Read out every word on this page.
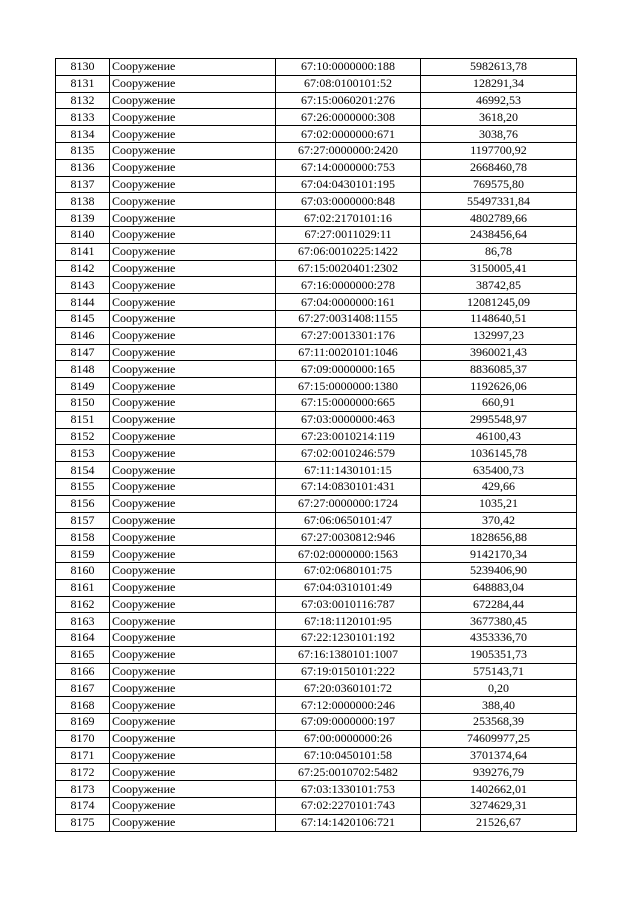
8130	Сооружение	67:10:0000000:188	5982613,78
8131	Сооружение	67:08:0100101:52	128291,34
8132	Сооружение	67:15:0060201:276	46992,53
8133	Сооружение	67:26:0000000:308	3618,20
8134	Сооружение	67:02:0000000:671	3038,76
8135	Сооружение	67:27:0000000:2420	1197700,92
8136	Сооружение	67:14:0000000:753	2668460,78
8137	Сооружение	67:04:0430101:195	769575,80
8138	Сооружение	67:03:0000000:848	55497331,84
8139	Сооружение	67:02:2170101:16	4802789,66
8140	Сооружение	67:27:0011029:11	2438456,64
8141	Сооружение	67:06:0010225:1422	86,78
8142	Сооружение	67:15:0020401:2302	3150005,41
8143	Сооружение	67:16:0000000:278	38742,85
8144	Сооружение	67:04:0000000:161	12081245,09
8145	Сооружение	67:27:0031408:1155	1148640,51
8146	Сооружение	67:27:0013301:176	132997,23
8147	Сооружение	67:11:0020101:1046	3960021,43
8148	Сооружение	67:09:0000000:165	8836085,37
8149	Сооружение	67:15:0000000:1380	1192626,06
8150	Сооружение	67:15:0000000:665	660,91
8151	Сооружение	67:03:0000000:463	2995548,97
8152	Сооружение	67:23:0010214:119	46100,43
8153	Сооружение	67:02:0010246:579	1036145,78
8154	Сооружение	67:11:1430101:15	635400,73
8155	Сооружение	67:14:0830101:431	429,66
8156	Сооружение	67:27:0000000:1724	1035,21
8157	Сооружение	67:06:0650101:47	370,42
8158	Сооружение	67:27:0030812:946	1828656,88
8159	Сооружение	67:02:0000000:1563	9142170,34
8160	Сооружение	67:02:0680101:75	5239406,90
8161	Сооружение	67:04:0310101:49	648883,04
8162	Сооружение	67:03:0010116:787	672284,44
8163	Сооружение	67:18:1120101:95	3677380,45
8164	Сооружение	67:22:1230101:192	4353336,70
8165	Сооружение	67:16:1380101:1007	1905351,73
8166	Сооружение	67:19:0150101:222	575143,71
8167	Сооружение	67:20:0360101:72	0,20
8168	Сооружение	67:12:0000000:246	388,40
8169	Сооружение	67:09:0000000:197	253568,39
8170	Сооружение	67:00:0000000:26	74609977,25
8171	Сооружение	67:10:0450101:58	3701374,64
8172	Сооружение	67:25:0010702:5482	939276,79
8173	Сооружение	67:03:1330101:753	1402662,01
8174	Сооружение	67:02:2270101:743	3274629,31
8175	Сооружение	67:14:1420106:721	21526,67
